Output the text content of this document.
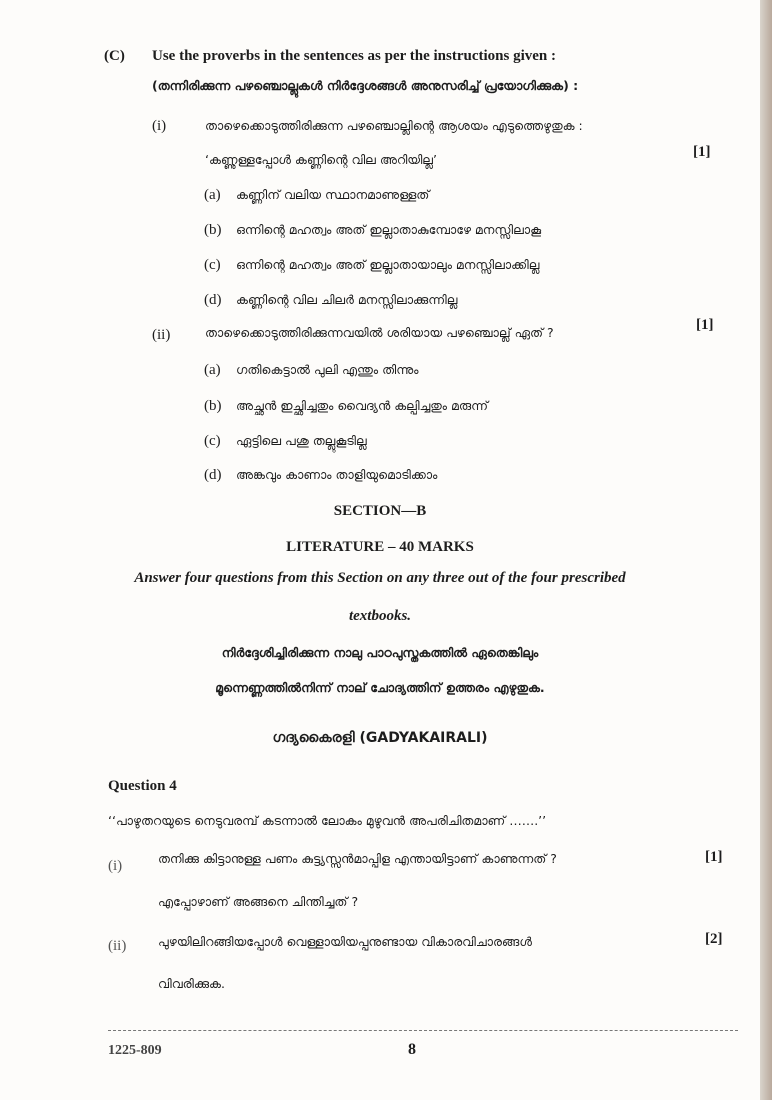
(C) Use the proverbs in the sentences as per the instructions given :
(തന്നിരിക്കുന്ന പഴഞ്ചൊല്ലുകൾ നിർദ്ദേശങ്ങൾ അനുസരിച്ച് പ്രയോഗിക്കുക) :
(i)	താഴെക്കൊടുത്തിരിക്കുന്ന പഴഞ്ചൊല്ലിന്റെ ആശയം എടുത്തെഴുതുക :
‘കണ്ണുള്ളപ്പോൾ കണ്ണിന്റെ വില അറിയില്ല’	[1]
(a) കണ്ണിന് വലിയ സ്ഥാനമാണുള്ളത്
(b) ഒന്നിന്റെ മഹത്വം അത് ഇല്ലാതാകുമ്പോഴേ മനസ്സിലാകൂ
(c) ഒന്നിന്റെ മഹത്വം അത് ഇല്ലാതായാലും മനസ്സിലാക്കില്ല
(d) കണ്ണിന്റെ വില ചിലർ മനസ്സിലാക്കുന്നില്ല
(ii)	താഴെക്കൊടുത്തിരിക്കുന്നവയിൽ ശരിയായ പഴഞ്ചൊല്ല് ഏത് ?	[1]
(a) ഗതികെട്ടാൽ പുലി എന്തും തിന്നും
(b) അച്ഛൻ ഇച്ഛിച്ചതും വൈദ്യൻ കല്പിച്ചതും മരുന്ന്
(c) ഏട്ടിലെ പശു തല്ലുകൂടില്ല
(d) അങ്കവും കാണാം താളിയുമൊടിക്കാം
SECTION—B
LITERATURE – 40 MARKS
Answer four questions from this Section on any three out of the four prescribed
textbooks.
നിർദ്ദേശിച്ചിരിക്കുന്ന നാലു പാഠപുസ്തകത്തിൽ ഏതെങ്കിലും
മൂന്നെണ്ണത്തിൽനിന്ന് നാല് ചോദ്യത്തിന് ഉത്തരം എഴുതുക.
ഗദ്യകൈരളി (GADYAKAIRALI)
Question 4
‘‘പാഴുതറയുടെ നെടുവരമ്പ് കടന്നാൽ ലോകം മുഴുവൻ അപരിചിതമാണ് …….’’
(i)	തനിക്കു കിട്ടാനുള്ള പണം കുട്ട്യസ്സൻമാപ്പിള എന്തായിട്ടാണ് കാണുന്നത് ?
എപ്പോഴാണ് അങ്ങനെ ചിന്തിച്ചത് ?
[1]
(ii)	പുഴയിലിറങ്ങിയപ്പോൾ വെള്ളായിയപ്പനുണ്ടായ വികാരവിചാരങ്ങൾ
വിവരിക്കുക.
[2]
1225-809	8
